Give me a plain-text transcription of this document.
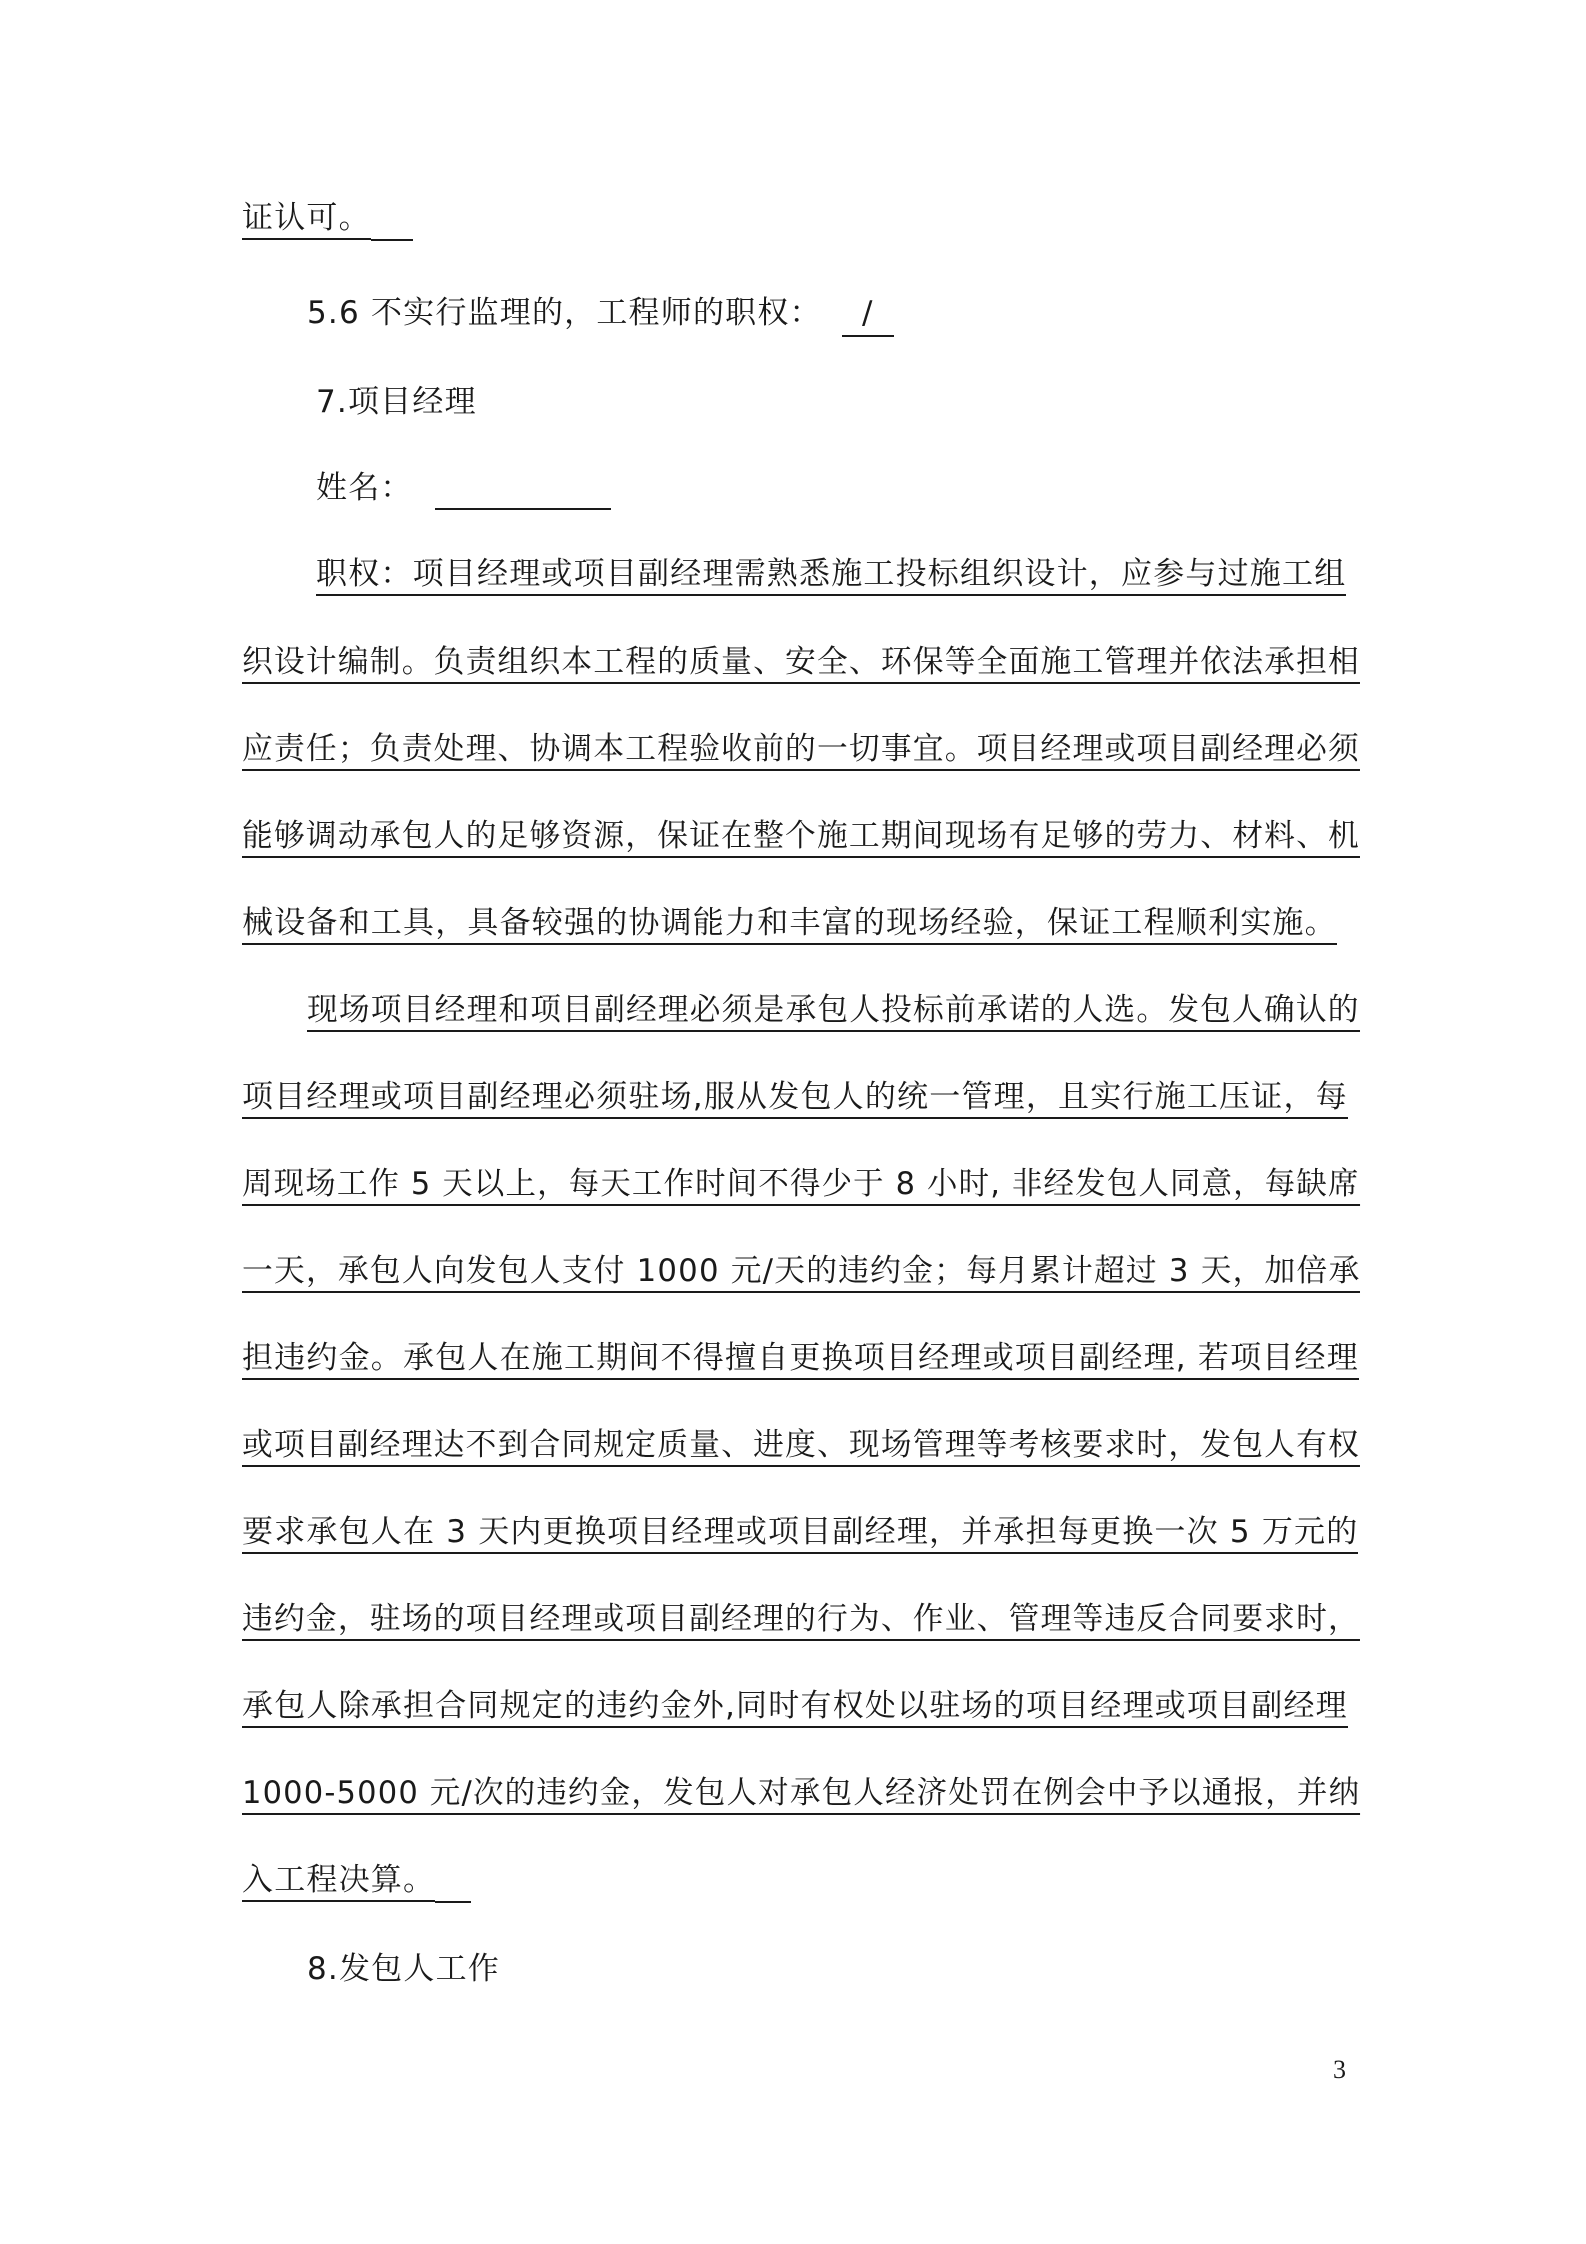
证认可。
5.6 不实行监理的，工程师的职权： /
7.项目经理
姓名：
职权：项目经理或项目副经理需熟悉施工投标组织设计，应参与过施工组
织设计编制。负责组织本工程的质量、安全、环保等全面施工管理并依法承担相
应责任；负责处理、协调本工程验收前的一切事宜。项目经理或项目副经理必须
能够调动承包人的足够资源，保证在整个施工期间现场有足够的劳力、材料、机
械设备和工具，具备较强的协调能力和丰富的现场经验，保证工程顺利实施。
现场项目经理和项目副经理必须是承包人投标前承诺的人选。发包人确认的
项目经理或项目副经理必须驻场,服从发包人的统一管理，且实行施工压证，每
周现场工作 5 天以上，每天工作时间不得少于 8 小时, 非经发包人同意，每缺席
一天，承包人向发包人支付 1000 元/天的违约金；每月累计超过 3 天，加倍承
担违约金。承包人在施工期间不得擅自更换项目经理或项目副经理, 若项目经理
或项目副经理达不到合同规定质量、进度、现场管理等考核要求时，发包人有权
要求承包人在 3 天内更换项目经理或项目副经理，并承担每更换一次 5 万元的
违约金，驻场的项目经理或项目副经理的行为、作业、管理等违反合同要求时，
承包人除承担合同规定的违约金外,同时有权处以驻场的项目经理或项目副经理
1000-5000 元/次的违约金，发包人对承包人经济处罚在例会中予以通报，并纳
入工程决算。
8.发包人工作
3
